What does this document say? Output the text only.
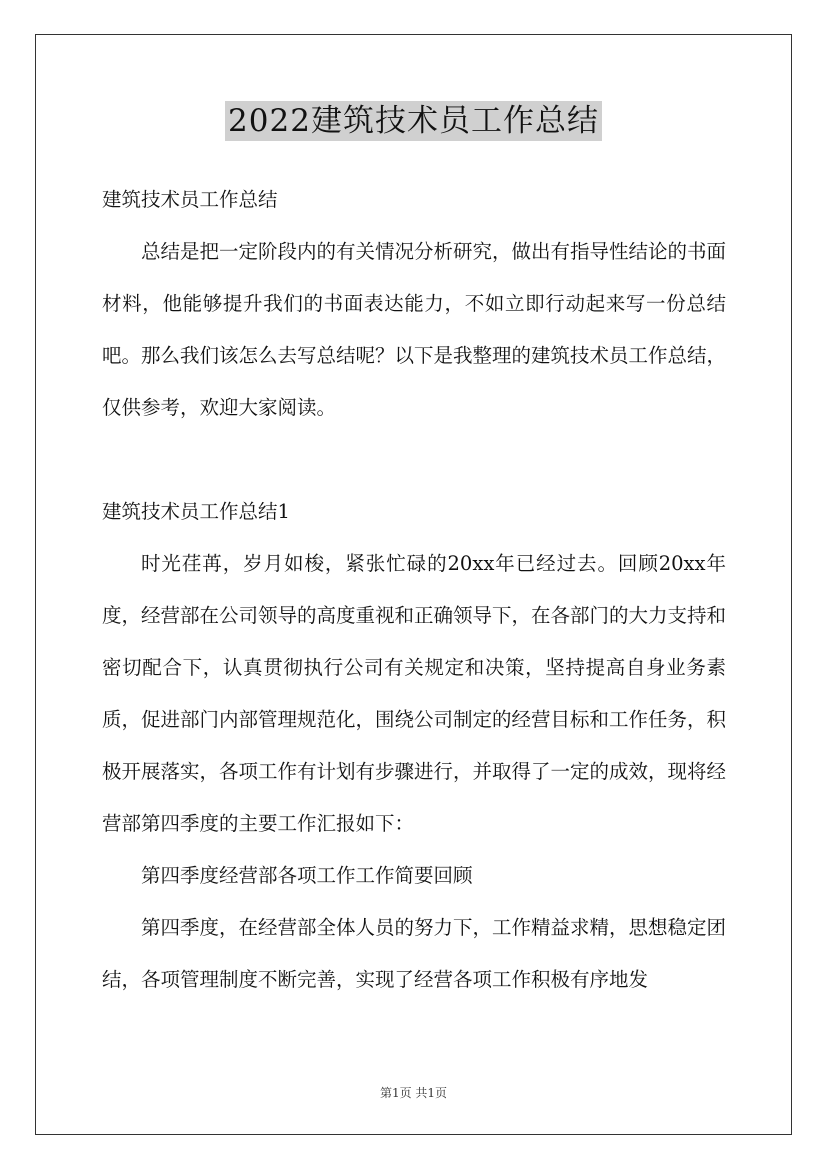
2022建筑技术员工作总结

建筑技术员工作总结

总结是把一定阶段内的有关情况分析研究，做出有指导性结论的书面材料，他能够提升我们的书面表达能力，不如立即行动起来写一份总结吧。那么我们该怎么去写总结呢？以下是我整理的建筑技术员工作总结，仅供参考，欢迎大家阅读。

建筑技术员工作总结1

时光荏苒，岁月如梭，紧张忙碌的20xx年已经过去。回顾20xx年度，经营部在公司领导的高度重视和正确领导下，在各部门的大力支持和密切配合下，认真贯彻执行公司有关规定和决策，坚持提高自身业务素质，促进部门内部管理规范化，围绕公司制定的经营目标和工作任务，积极开展落实，各项工作有计划有步骤进行，并取得了一定的成效，现将经营部第四季度的主要工作汇报如下：

第四季度经营部各项工作工作简要回顾

第四季度，在经营部全体人员的努力下，工作精益求精，思想稳定团结，各项管理制度不断完善，实现了经营各项工作积极有序地发

第1页 共1页
